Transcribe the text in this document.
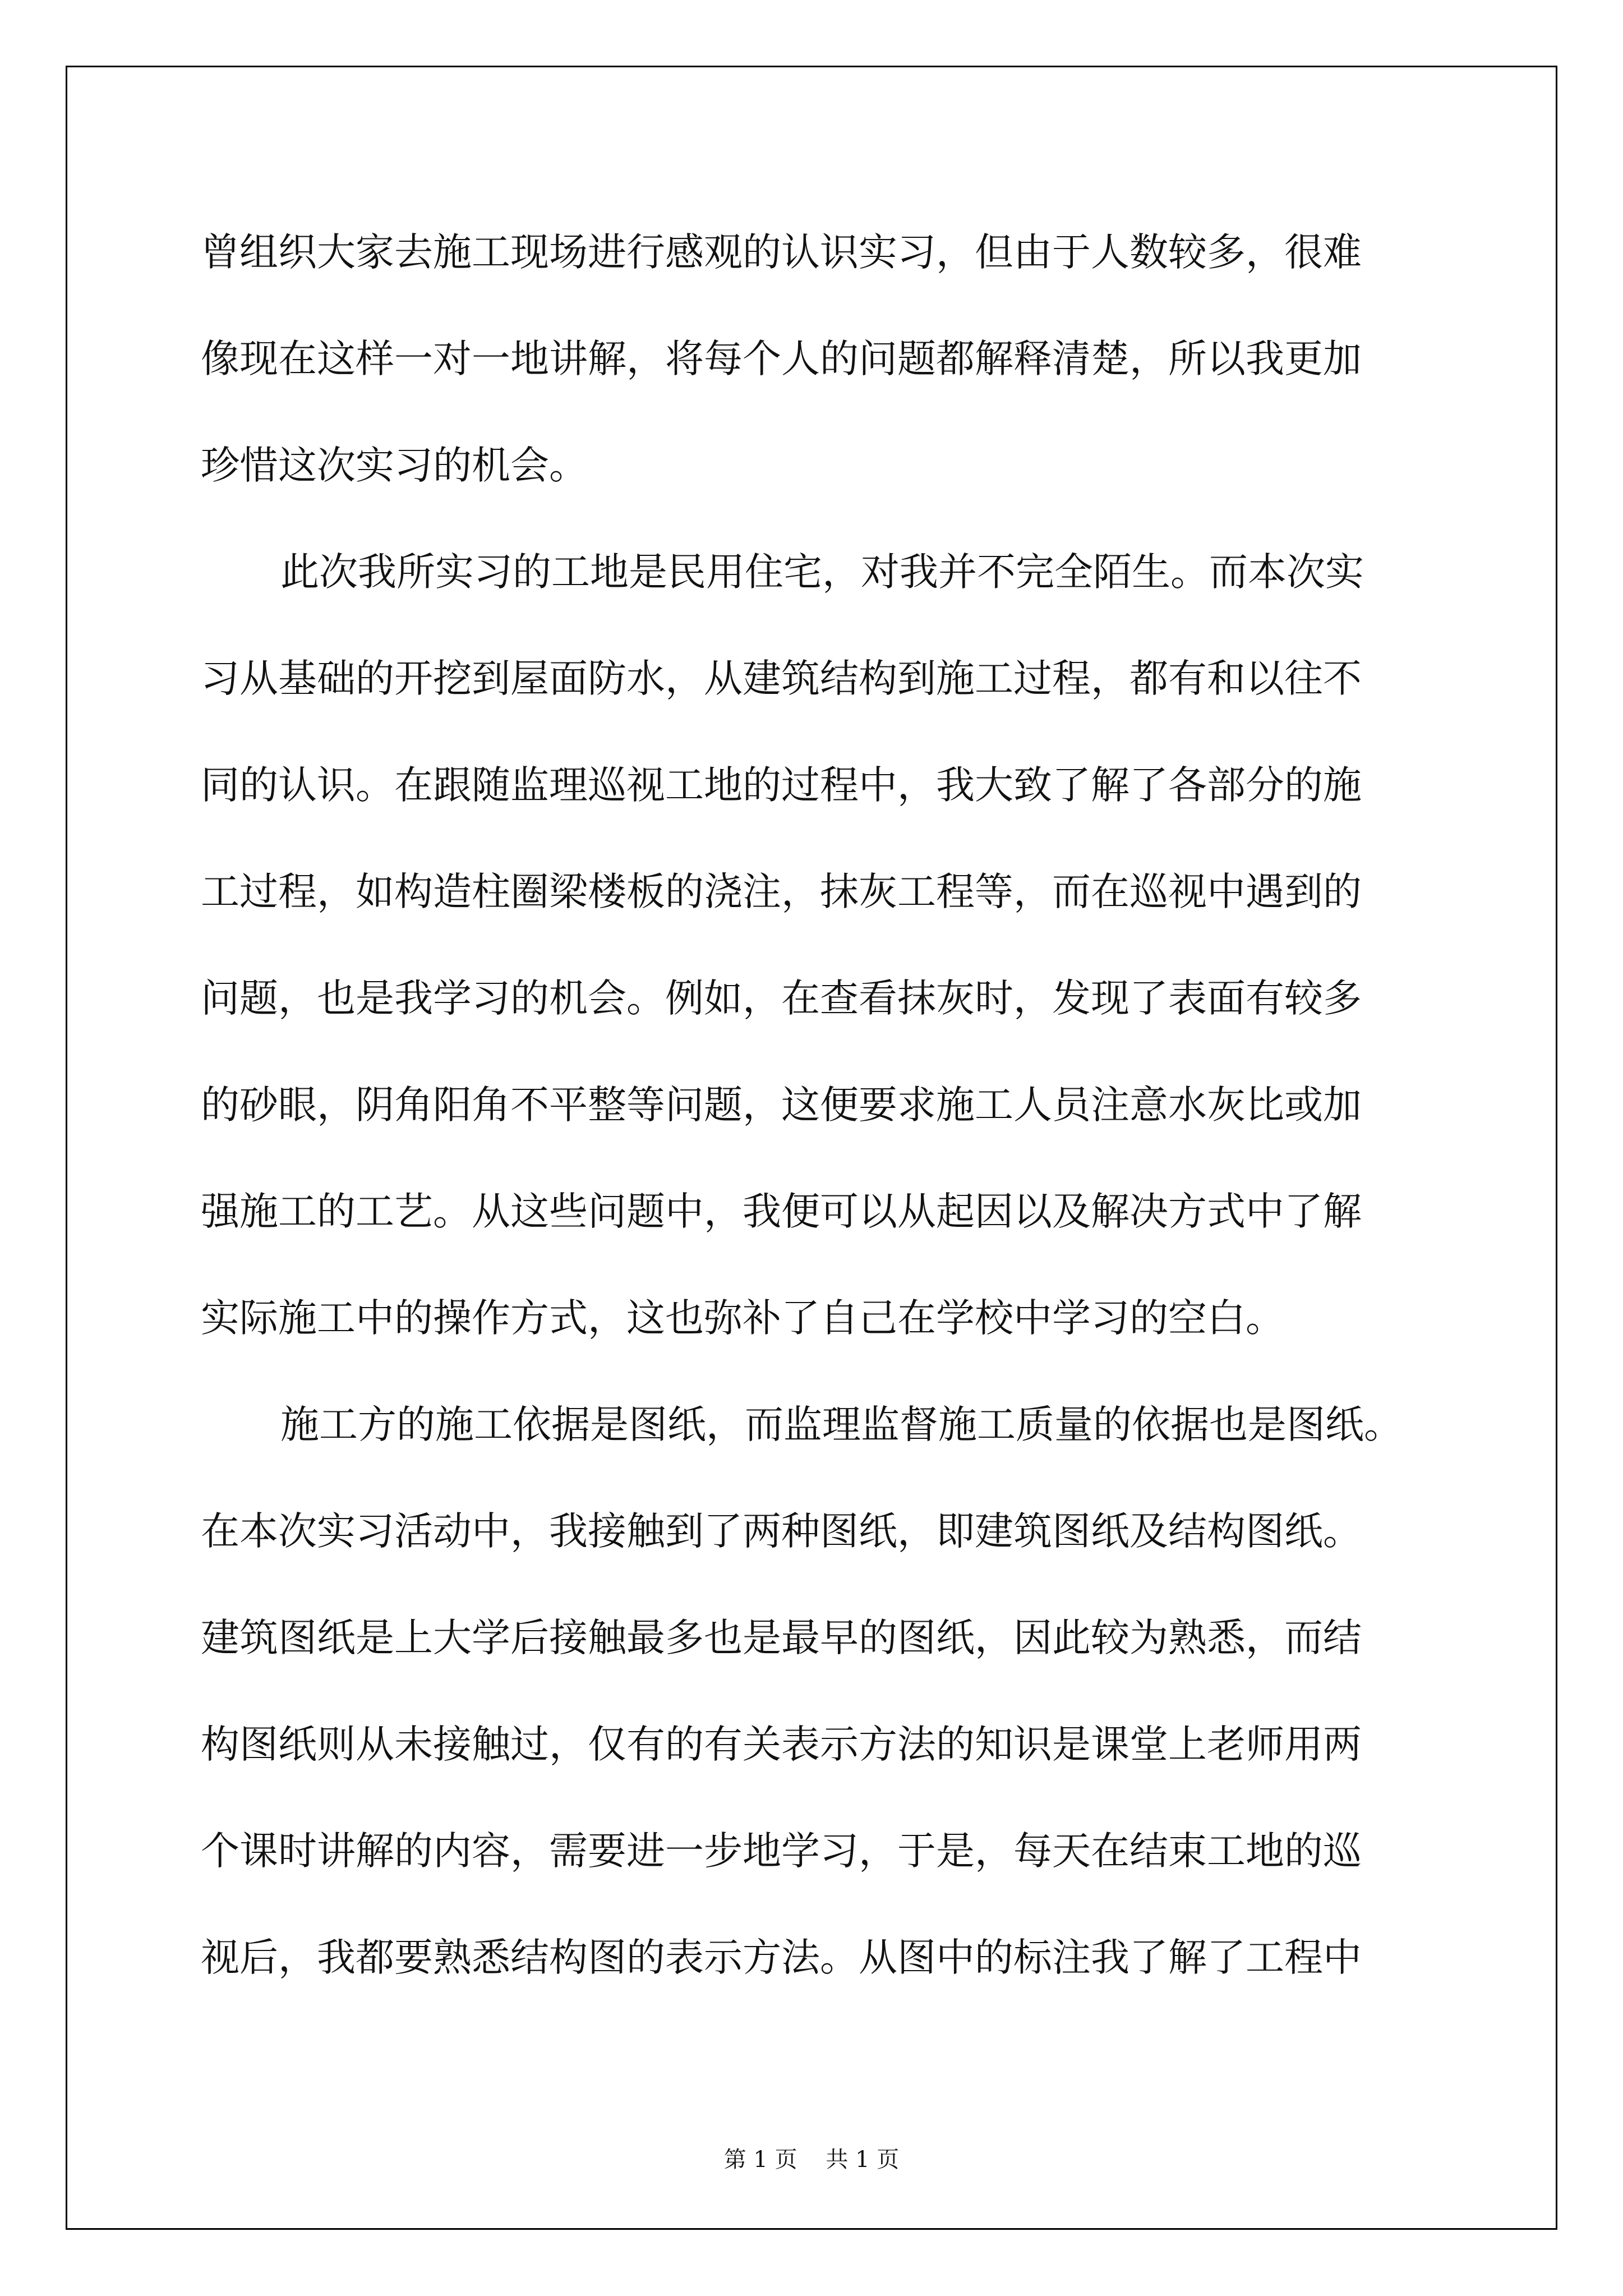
曾组织大家去施工现场进行感观的认识实习，但由于人数较多，很难
像现在这样一对一地讲解，将每个人的问题都解释清楚，所以我更加
珍惜这次实习的机会。
此次我所实习的工地是民用住宅，对我并不完全陌生。而本次实
习从基础的开挖到屋面防水，从建筑结构到施工过程，都有和以往不
同的认识。在跟随监理巡视工地的过程中，我大致了解了各部分的施
工过程，如构造柱圈梁楼板的浇注，抹灰工程等，而在巡视中遇到的
问题，也是我学习的机会。例如，在查看抹灰时，发现了表面有较多
的砂眼，阴角阳角不平整等问题，这便要求施工人员注意水灰比或加
强施工的工艺。从这些问题中，我便可以从起因以及解决方式中了解
实际施工中的操作方式，这也弥补了自己在学校中学习的空白。
施工方的施工依据是图纸，而监理监督施工质量的依据也是图纸。
在本次实习活动中，我接触到了两种图纸，即建筑图纸及结构图纸。
建筑图纸是上大学后接触最多也是最早的图纸，因此较为熟悉，而结
构图纸则从未接触过，仅有的有关表示方法的知识是课堂上老师用两
个课时讲解的内容，需要进一步地学习，于是，每天在结束工地的巡
视后，我都要熟悉结构图的表示方法。从图中的标注我了解了工程中
第 1 页    共 1 页
